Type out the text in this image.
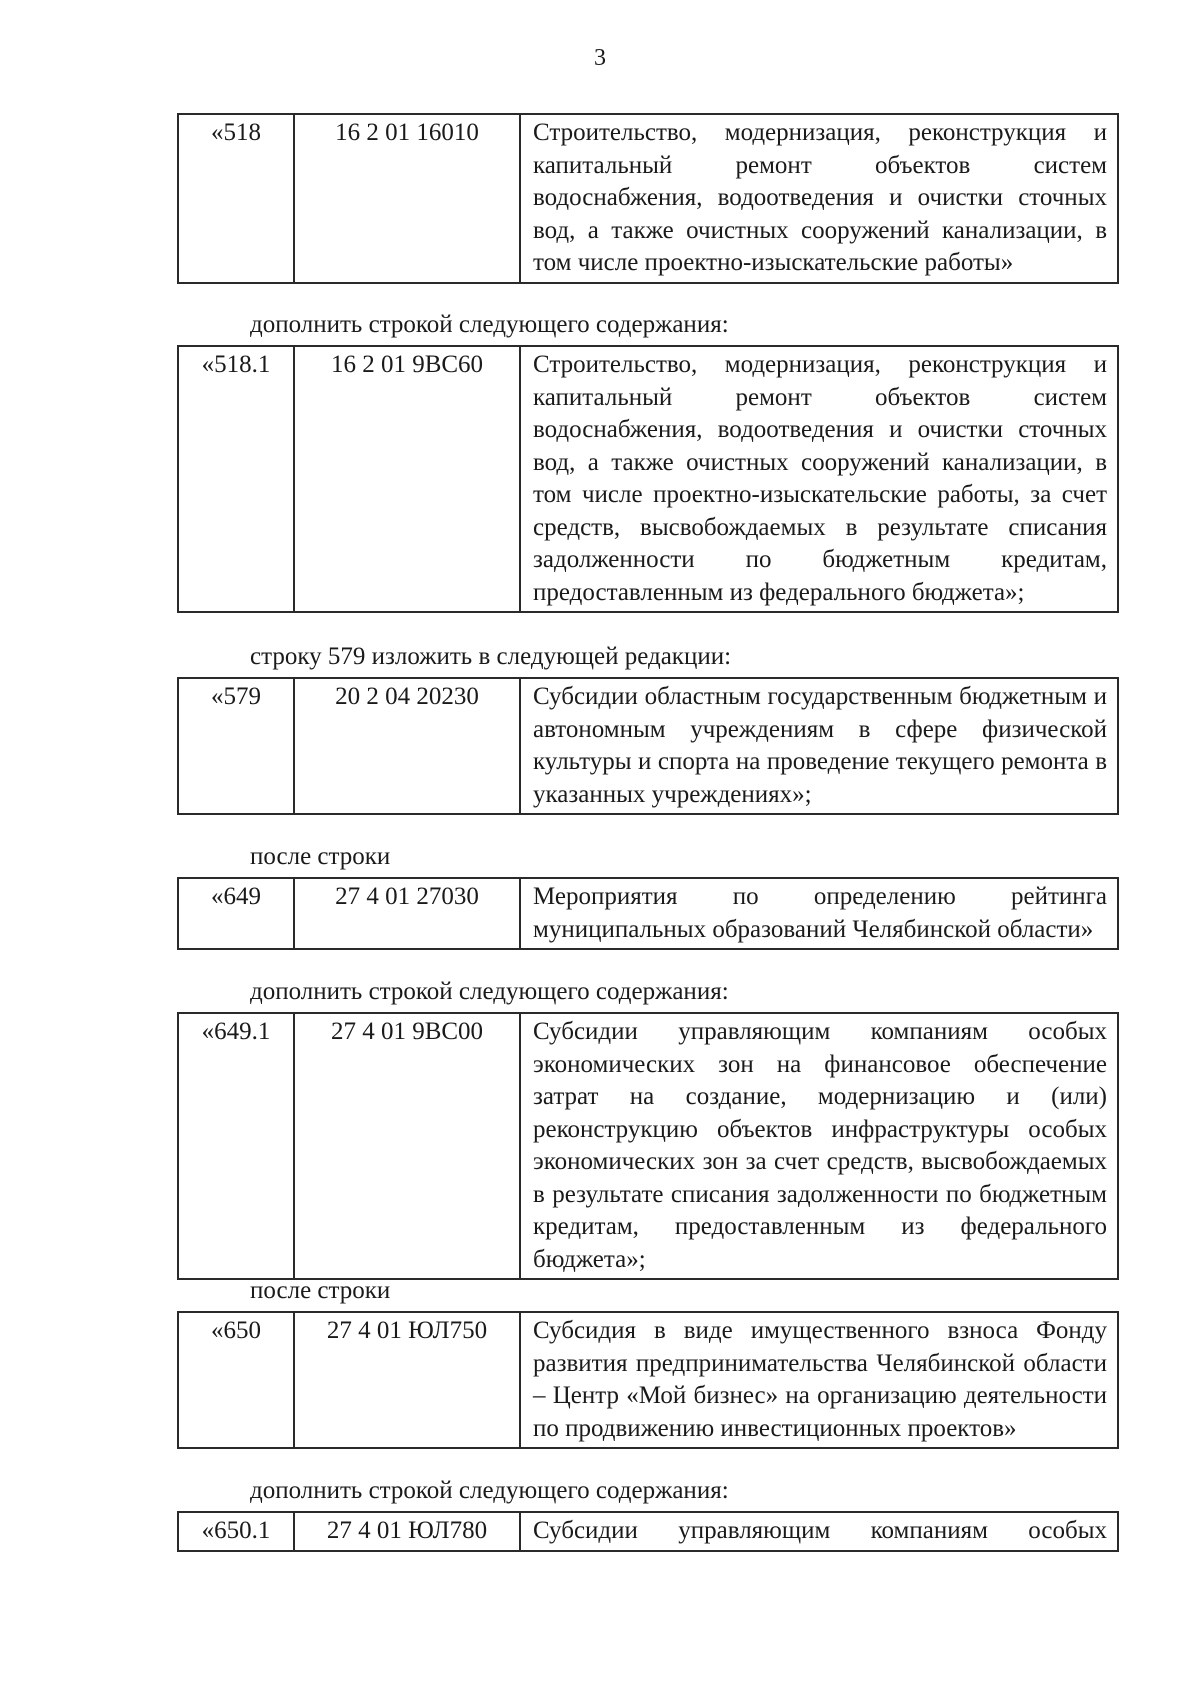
3
«518	16 2 01 16010	Строительство, модернизация, реконструкция и капитальный ремонт объектов систем водоснабжения, водоотведения и очистки сточных вод, а также очистных сооружений канализации, в том числе проектно-изыскательские работы»
дополнить строкой следующего содержания:
«518.1	16 2 01 9ВС60	Строительство, модернизация, реконструкция и капитальный ремонт объектов систем водоснабжения, водоотведения и очистки сточных вод, а также очистных сооружений канализации, в том числе проектно-изыскательские работы, за счет средств, высвобождаемых в результате списания задолженности по бюджетным кредитам, предоставленным из федерального бюджета»;
строку 579 изложить в следующей редакции:
«579	20 2 04 20230	Субсидии областным государственным бюджетным и автономным учреждениям в сфере физической культуры и спорта на проведение текущего ремонта в указанных учреждениях»;
после строки
«649	27 4 01 27030	Мероприятия по определению рейтинга муниципальных образований Челябинской области»
дополнить строкой следующего содержания:
«649.1	27 4 01 9ВС00	Субсидии управляющим компаниям особых экономических зон на финансовое обеспечение затрат на создание, модернизацию и (или) реконструкцию объектов инфраструктуры особых экономических зон за счет средств, высвобождаемых в результате списания задолженности по бюджетным кредитам, предоставленным из федерального бюджета»;
после строки
«650	27 4 01 ЮЛ750	Субсидия в виде имущественного взноса Фонду развития предпринимательства Челябинской области – Центр «Мой бизнес» на организацию деятельности по продвижению инвестиционных проектов»
дополнить строкой следующего содержания:
«650.1	27 4 01 ЮЛ780	Субсидии управляющим компаниям особых
